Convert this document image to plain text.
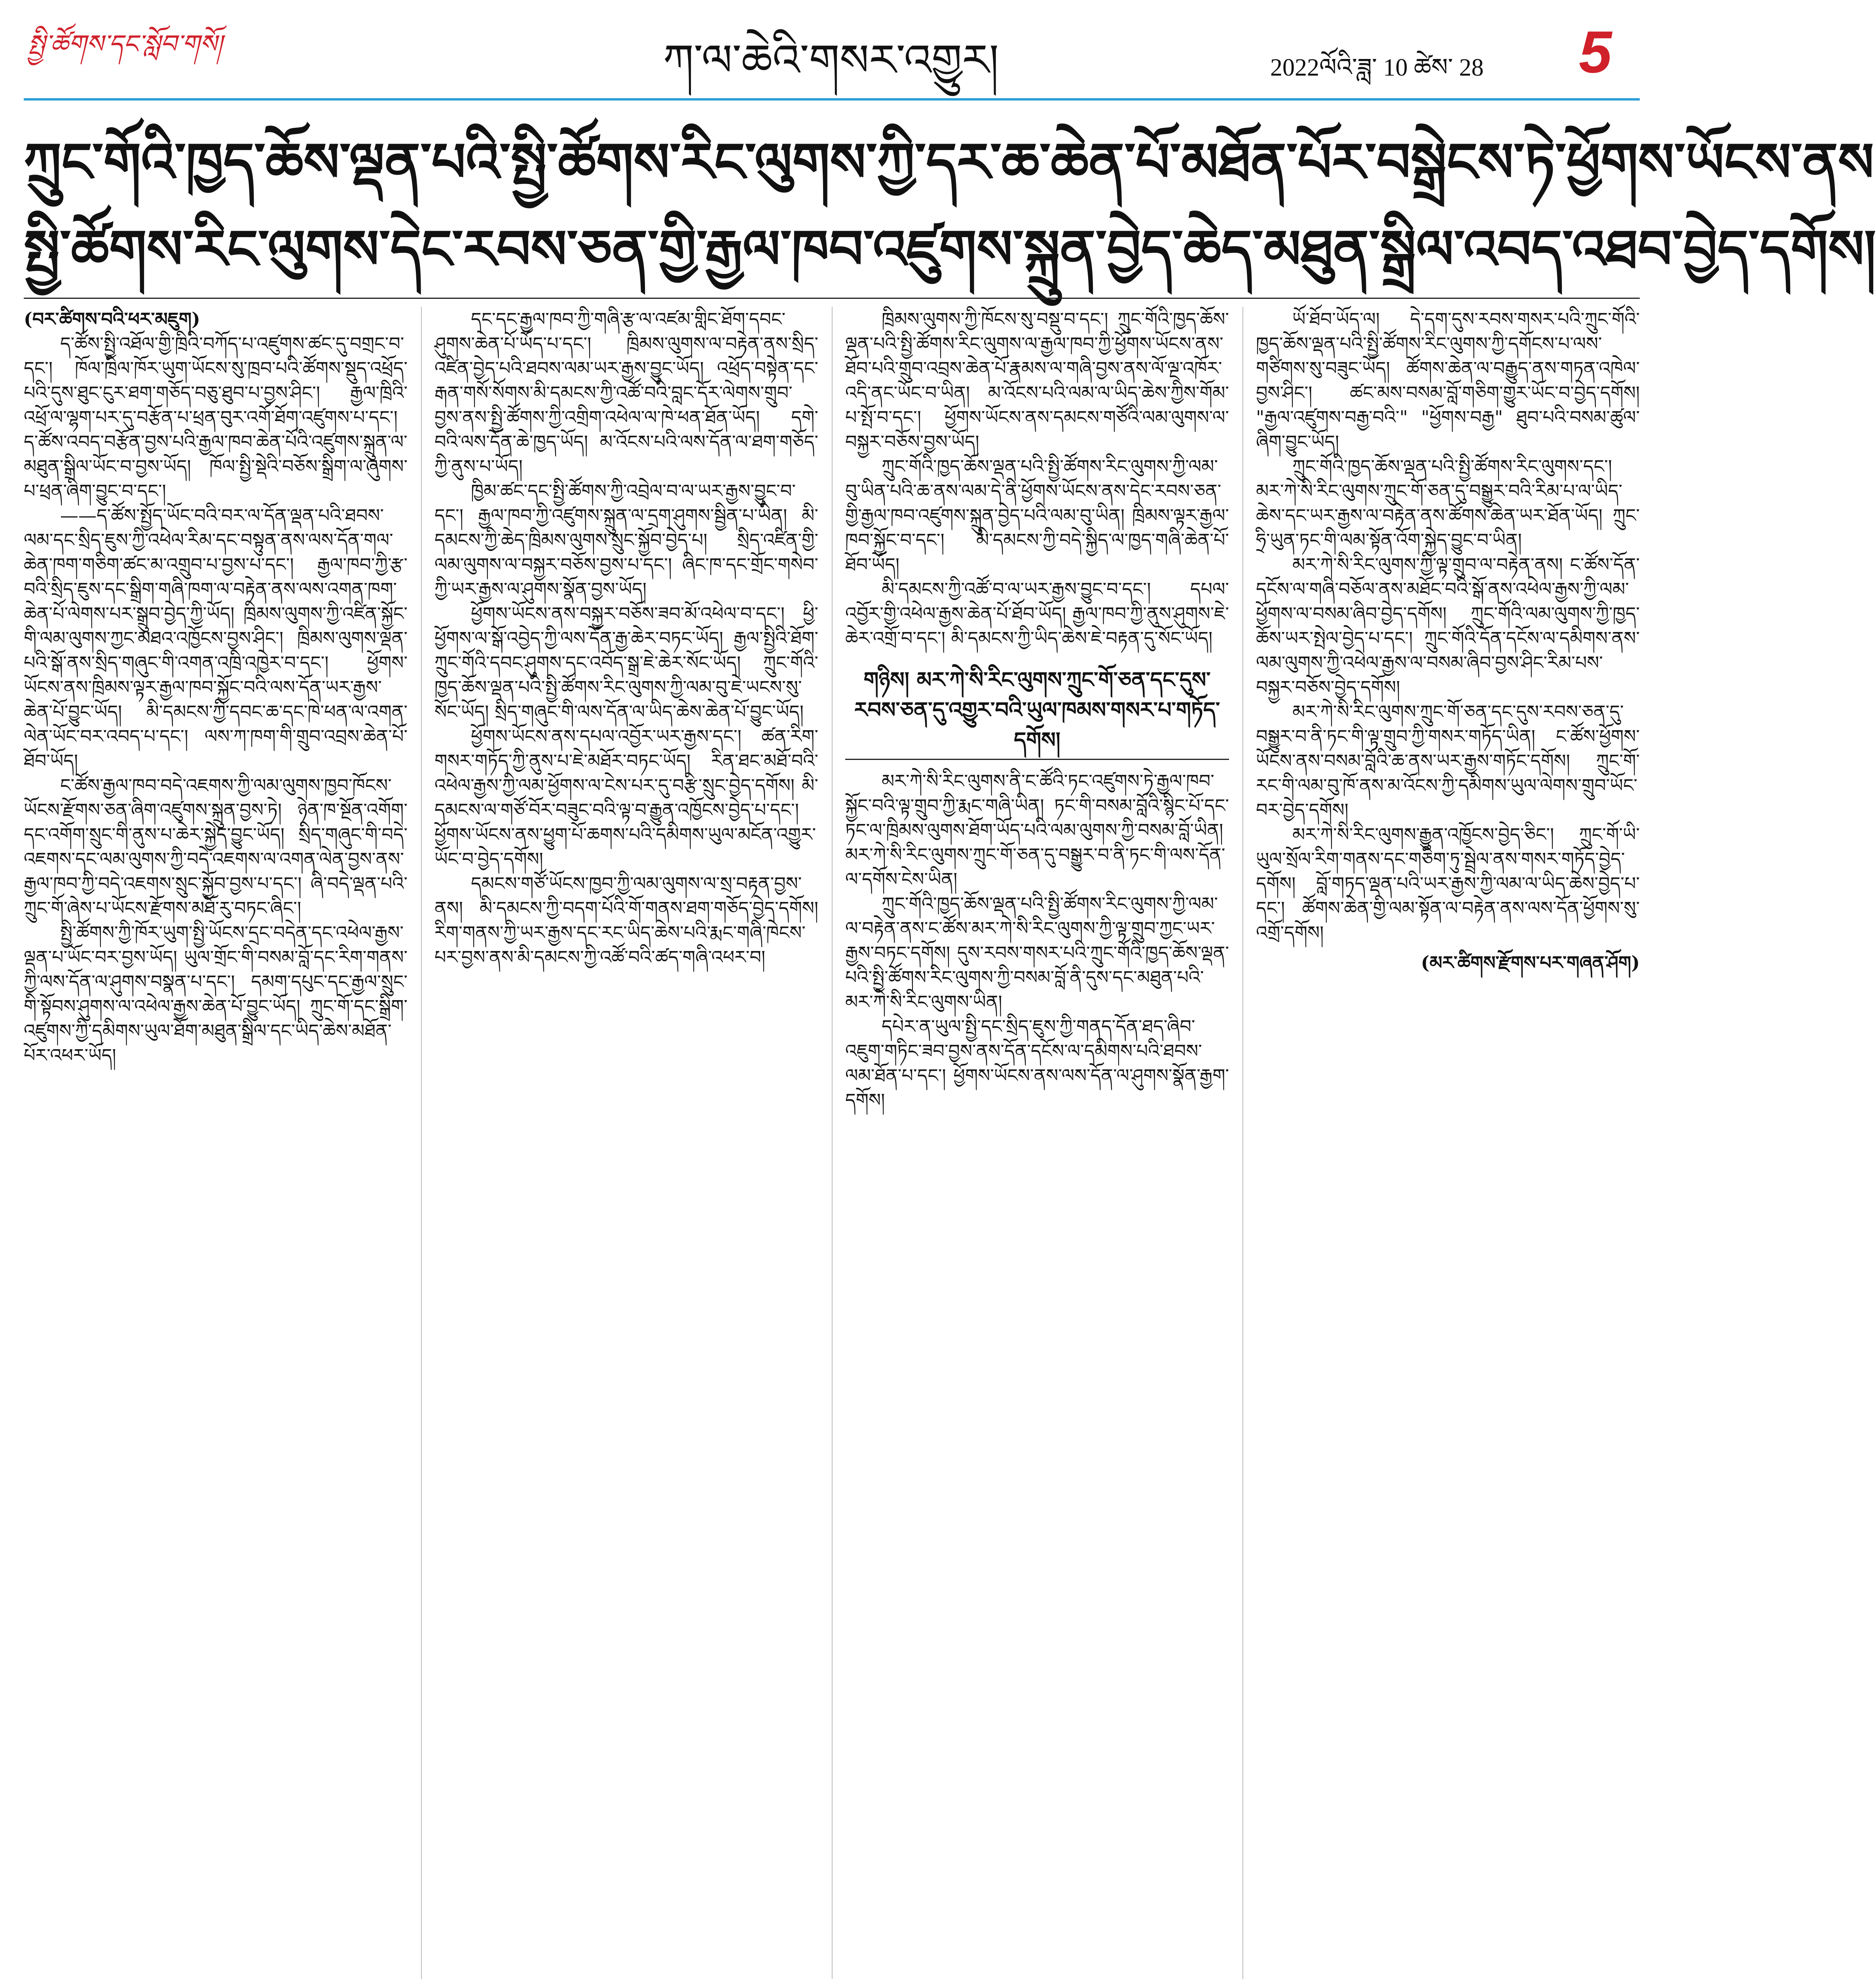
སྤྱི་ཚོགས་དང་སློབ་གསོ།	ཀ་ལ་ཆེའི་གསར་འགྱུར།	2022ལོའི་ཟླ་ 10 ཚེས་ 28 5
ཀྲུང་གོའི་ཁྱད་ཆོས་ལྡན་པའི་སྤྱི་ཚོགས་རིང་ལུགས་ཀྱི་དར་ཆ་ཆེན་པོ་མཐོན་པོར་བསྒྲེངས་ཏེ་ཕྱོགས་ཡོངས་ནས
སྤྱི་ཚོགས་རིང་ལུགས་དེང་རབས་ཅན་གྱི་རྒྱལ་ཁབ་འཛུགས་སྐྲུན་བྱེད་ཆེད་མཐུན་སྒྲིལ་འབད་འཐབ་བྱེད་དགོས།

(བར་ཚིགས་བའི་ཕར་མཇུག)

ད་ཚོས་སྤྱི་འཐོལ་གྱི་ཁྲིའི་བཀོད་པ་འཛུགས་ཚང་དུ་བགྲང་བ་དང་། ཁོལ་ཁྲིལ་ཁོར་ཡུག་ཡོངས་སུ་ཁྲབ་པའི་ཚོགས་སྡུད་འཕྲོད་པའི་དུས་ཐུང་ངུར་ཐག་གཅོད་བཅུ་ཐུབ་པ་བྱས་ཤིང་། རྒྱལ་ཁྲིའི་འཕྲོ་ལ་ལྷག་པར་དུ་བརྩོན་པ་ཕྲན་བུར་འགོ་ཐོག་འཛུགས་པ་དང་། ད་ཚོས་འབད་བརྩོན་བྱས་པའི་རྒྱལ་ཁབ་ཆེན་པོའི་འཛུགས་སྐྲུན་ལ་མཐུན་སྒྲིལ་ཡོང་བ་བྱས་ཡོད། ཁོལ་སྤྱི་སྡེའི་བཅོས་སྒྲིག་ལ་ཞུགས་པ་ཕྲན་ཞིག་བྱུང་བ་དང་།

——ད་ཚོས་སྤྱོད་ཡོང་བའི་བར་ལ་དོན་ལྡན་པའི་ཐབས་ལམ་དང་སྲིད་ཇུས་ཀྱི་འཕེལ་རིམ་དང་བསྟུན་ནས་ལས་དོན་གལ་ཆེན་ཁག་གཅིག་ཚང་མ་འགྲུབ་པ་བྱས་པ་དང་། རྒྱལ་ཁབ་ཀྱི་རྩ་བའི་སྲིད་ཇུས་དང་སྒྲིག་གཞི་ཁག་ལ་བརྟེན་ནས་ལས་འགན་ཁག་ཆེན་པོ་ལེགས་པར་སྒྲུབ་བྱེད་ཀྱི་ཡོད། ཁྲིམས་ལུགས་ཀྱི་འཛིན་སྐྱོང་གི་ལམ་ལུགས་ཀྱང་མཐའ་འཁྱོངས་བྱས་ཤིང་། ཁྲིམས་ལུགས་ལྡན་པའི་སྒོ་ནས་སྲིད་གཞུང་གི་འགན་འཁྲི་འཁྱེར་བ་དང་། ཕྱོགས་ཡོངས་ནས་ཁྲིམས་ལྟར་རྒྱལ་ཁབ་སྐྱོང་བའི་ལས་དོན་ཡར་རྒྱས་ཆེན་པོ་བྱུང་ཡོད། མི་དམངས་ཀྱི་དབང་ཆ་དང་ཁེ་ཕན་ལ་འགན་ལེན་ཡོང་བར་འབད་པ་དང་། ལས་ཀ་ཁག་གི་གྲུབ་འབྲས་ཆེན་པོ་ཐོབ་ཡོད།

ང་ཚོས་རྒྱལ་ཁབ་བདེ་འཇགས་ཀྱི་ལམ་ལུགས་ཁྱབ་ཁོངས་ཡོངས་རྫོགས་ཅན་ཞིག་འཛུགས་སྐྲུན་བྱས་ཏེ། ཉེན་ཁ་སྔོན་འགོག་དང་འགོག་སྲུང་གི་ནུས་པ་ཆེར་སྐྱེད་བྱུང་ཡོད། སྲིད་གཞུང་གི་བདེ་འཇགས་དང་ལམ་ལུགས་ཀྱི་བདེ་འཇགས་ལ་འགན་ལེན་བྱས་ནས་རྒྱལ་ཁབ་ཀྱི་བདེ་འཇགས་སྲུང་སྐྱོབ་བྱས་པ་དང་། ཞི་བདེ་ལྡན་པའི་ཀྲུང་གོ་ཞེས་པ་ཡོངས་རྫོགས་མཐོ་རུ་བཏང་ཞིང་།

སྤྱི་ཚོགས་ཀྱི་ཁོར་ཡུག་སྤྱི་ཡོངས་དྲང་བདེན་དང་འཕེལ་རྒྱས་ལྡན་པ་ཡོང་བར་བྱས་ཡོད། ཡུལ་གྲོང་གི་བསམ་བློ་དང་རིག་གནས་ཀྱི་ལས་དོན་ལ་ཤུགས་བསྣན་པ་དང་། དམག་དཔུང་དང་རྒྱལ་སྲུང་གི་སྟོབས་ཤུགས་ལ་འཕེལ་རྒྱས་ཆེན་པོ་བྱུང་ཡོད། ཀྲུང་གོ་དང་སྒྲིག་འཛུགས་ཀྱི་དམིགས་ཡུལ་ཐོག་མཐུན་སྒྲིལ་དང་ཡིད་ཆེས་མཐོན་པོར་འཕར་ཡོད།

དང་དང་རྒྱལ་ཁབ་ཀྱི་གཞི་རྩ་ལ་འཛམ་གླིང་ཐོག་དབང་ཤུགས་ཆེན་པོ་ཡོད་པ་དང་། ཁྲིམས་ལུགས་ལ་བརྟེན་ནས་སྲིད་འཛིན་བྱེད་པའི་ཐབས་ལམ་ཡར་རྒྱས་བྱུང་ཡོད། འཕྲོད་བསྟེན་དང་རྒན་གསོ་སོགས་མི་དམངས་ཀྱི་འཚོ་བའི་བླང་དོར་ལེགས་གྲུབ་བྱས་ནས་སྤྱི་ཚོགས་ཀྱི་འགྲིག་འཕེལ་ལ་ཁེ་ཕན་ཐོན་ཡོད། དགེ་བའི་ལས་དོན་ཆེ་ཁྱད་ཡོད། མ་འོངས་པའི་ལས་དོན་ལ་ཐག་གཅོད་ཀྱི་ནུས་པ་ཡོད།

ཁྱིམ་ཚང་དང་སྤྱི་ཚོགས་ཀྱི་འབྲེལ་བ་ལ་ཡར་རྒྱས་བྱུང་བ་དང་། རྒྱལ་ཁབ་ཀྱི་འཛུགས་སྐྲུན་ལ་དྲག་ཤུགས་སྦྱིན་པ་ཡིན། མི་དམངས་ཀྱི་ཆེད་ཁྲིམས་ལུགས་སྲུང་སྐྱོབ་བྱེད་པ། སྲིད་འཛིན་གྱི་ལམ་ལུགས་ལ་བསྐྱར་བཅོས་བྱས་པ་དང་། ཞིང་ཁ་དང་གྲོང་གསེབ་ཀྱི་ཡར་རྒྱས་ལ་ཤུགས་སྣོན་བྱས་ཡོད།

ཕྱོགས་ཡོངས་ནས་བསྐྱར་བཅོས་ཟབ་མོ་འཕེལ་བ་དང་། ཕྱི་ཕྱོགས་ལ་སྒོ་འབྱེད་ཀྱི་ལས་དོན་རྒྱ་ཆེར་བཏང་ཡོད། རྒྱལ་སྤྱིའི་ཐོག་ཀྲུང་གོའི་དབང་ཤུགས་དང་འབོད་སྒྲ་ཇེ་ཆེར་སོང་ཡོད། ཀྲུང་གོའི་ཁྱད་ཆོས་ལྡན་པའི་སྤྱི་ཚོགས་རིང་ལུགས་ཀྱི་ལམ་བུ་ཇེ་ཡངས་སུ་སོང་ཡོད། སྲིད་གཞུང་གི་ལས་དོན་ལ་ཡིད་ཆེས་ཆེན་པོ་བྱུང་ཡོད།

ཕྱོགས་ཡོངས་ནས་དཔལ་འབྱོར་ཡར་རྒྱས་དང་། ཚན་རིག་གསར་གཏོད་ཀྱི་ནུས་པ་ཇེ་མཐོར་བཏང་ཡོད། རིན་ཐང་མཐོ་བའི་འཕེལ་རྒྱས་ཀྱི་ལམ་ཕྱོགས་ལ་ངེས་པར་དུ་བརྩི་སྲུང་བྱེད་དགོས། མི་དམངས་ལ་གཙོ་བོར་བཟུང་བའི་ལྟ་བ་རྒྱུན་འཁྱོངས་བྱེད་པ་དང་། ཕྱོགས་ཡོངས་ནས་ཕྱུག་པོ་ཆགས་པའི་དམིགས་ཡུལ་མངོན་འགྱུར་ཡོང་བ་བྱེད་དགོས།

དམངས་གཙོ་ཡོངས་ཁྱབ་ཀྱི་ལམ་ལུགས་ལ་སྲ་བརྟན་བྱས་ནས། མི་དམངས་ཀྱི་བདག་པོའི་གོ་གནས་ཐག་གཅོད་བྱེད་དགོས། རིག་གནས་ཀྱི་ཡར་རྒྱས་དང་རང་ཡིད་ཆེས་པའི་རྨང་གཞི་ཁེངས་པར་བྱས་ནས་མི་དམངས་ཀྱི་འཚོ་བའི་ཚད་གཞི་འཕར་བ།

ཁྲིམས་ལུགས་ཀྱི་ཁོངས་སུ་བསྡུ་བ་དང་། ཀྲུང་གོའི་ཁྱད་ཆོས་ལྡན་པའི་སྤྱི་ཚོགས་རིང་ལུགས་ལ་རྒྱལ་ཁབ་ཀྱི་ཕྱོགས་ཡོངས་ནས་ཐོབ་པའི་གྲུབ་འབྲས་ཆེན་པོ་རྣམས་ལ་གཞི་བྱས་ནས་ལོ་ལྔ་འཁོར་འདི་ནང་ཡོང་བ་ཡིན། མ་འོངས་པའི་ལམ་ལ་ཡིད་ཆེས་ཀྱིས་གོམ་པ་སྤོ་བ་དང་། ཕྱོགས་ཡོངས་ནས་དམངས་གཙོའི་ལམ་ལུགས་ལ་བསྐྱར་བཅོས་བྱས་ཡོད།

ཀྲུང་གོའི་ཁྱད་ཆོས་ལྡན་པའི་སྤྱི་ཚོགས་རིང་ལུགས་ཀྱི་ལམ་བུ་ཡིན་པའི་ཆ་ནས་ལམ་དེ་ནི་ཕྱོགས་ཡོངས་ནས་དེང་རབས་ཅན་གྱི་རྒྱལ་ཁབ་འཛུགས་སྐྲུན་བྱེད་པའི་ལམ་བུ་ཡིན། ཁྲིམས་ལྟར་རྒྱལ་ཁབ་སྐྱོང་བ་དང་། མི་དམངས་ཀྱི་བདེ་སྐྱིད་ལ་ཁྱད་གཞི་ཆེན་པོ་ཐོབ་ཡོད།

མི་དམངས་ཀྱི་འཚོ་བ་ལ་ཡར་རྒྱས་བྱུང་བ་དང་། དཔལ་འབྱོར་གྱི་འཕེལ་རྒྱས་ཆེན་པོ་ཐོབ་ཡོད། རྒྱལ་ཁབ་ཀྱི་ནུས་ཤུགས་ཇེ་ཆེར་འགྲོ་བ་དང་། མི་དམངས་ཀྱི་ཡིད་ཆེས་ཇེ་བརྟན་དུ་སོང་ཡོད།

གཉིས། མར་ཀེ་སི་རིང་ལུགས་ཀྲུང་གོ་ཅན་དང་དུས་རབས་ཅན་དུ་འགྱུར་བའི་ཡུལ་ཁམས་གསར་པ་གཏོད་དགོས།

མར་ཀེ་སི་རིང་ལུགས་ནི་ང་ཚོའི་ཏང་འཛུགས་ཏེ་རྒྱལ་ཁབ་སྐྱོང་བའི་ལྟ་གྲུབ་ཀྱི་རྨང་གཞི་ཡིན། ཏང་གི་བསམ་བློའི་སྙིང་པོ་དང་ཏང་ལ་ཁྲིམས་ལུགས་ཐོག་ཡོད་པའི་ལམ་ལུགས་ཀྱི་བསམ་བློ་ཡིན། མར་ཀེ་སི་རིང་ལུགས་ཀྲུང་གོ་ཅན་དུ་བསྒྱུར་བ་ནི་ཏང་གི་ལས་དོན་ལ་དགོས་ངེས་ཡིན།

ཀྲུང་གོའི་ཁྱད་ཆོས་ལྡན་པའི་སྤྱི་ཚོགས་རིང་ལུགས་ཀྱི་ལམ་ལ་བརྟེན་ནས་ང་ཚོས་མར་ཀེ་སི་རིང་ལུགས་ཀྱི་ལྟ་གྲུབ་ཀྱང་ཡར་རྒྱས་བཏང་དགོས། དུས་རབས་གསར་པའི་ཀྲུང་གོའི་ཁྱད་ཆོས་ལྡན་པའི་སྤྱི་ཚོགས་རིང་ལུགས་ཀྱི་བསམ་བློ་ནི་དུས་དང་མཐུན་པའི་མར་ཀེ་སི་རིང་ལུགས་ཡིན།

དཔེར་ན་ཡུལ་སྤྱི་དང་སྲིད་ཇུས་ཀྱི་གནད་དོན་ཐད་ཞིབ་འཇུག་གཏིང་ཟབ་བྱས་ནས་དོན་དངོས་ལ་དམིགས་པའི་ཐབས་ལམ་ཐོན་པ་དང་། ཕྱོགས་ཡོངས་ནས་ལས་དོན་ལ་ཤུགས་སྣོན་རྒྱག་དགོས།

ཡོ་ཐོབ་ཡོད་ལ། དེ་དག་དུས་རབས་གསར་པའི་ཀྲུང་གོའི་ཁྱད་ཆོས་ལྡན་པའི་སྤྱི་ཚོགས་རིང་ལུགས་ཀྱི་དགོངས་པ་ལས་གཙིགས་སུ་བཟུང་ཡོད། ཚོགས་ཆེན་ལ་བརྒྱུད་ནས་གཏན་འཁེལ་བྱས་ཤིང་། ཚང་མས་བསམ་བློ་གཅིག་གྱུར་ཡོང་བ་བྱེད་དགོས། "རྒྱལ་འཛུགས་བརྒྱ་བའི་" "ཕྱོགས་བརྒྱ" ཐུབ་པའི་བསམ་ཚུལ་ཞིག་བྱུང་ཡོད།

ཀྲུང་གོའི་ཁྱད་ཆོས་ལྡན་པའི་སྤྱི་ཚོགས་རིང་ལུགས་དང་། མར་ཀེ་སི་རིང་ལུགས་ཀྲུང་གོ་ཅན་དུ་བསྒྱུར་བའི་རིམ་པ་ལ་ཡིད་ཆེས་དང་ཡར་རྒྱས་ལ་བརྟེན་ནས་ཚོགས་ཆེན་ཡར་ཐོན་ཡོད། ཀྲུང་ཧྲི་ཡུན་ཏང་གི་ལམ་སྟོན་འོག་སྐྱེད་བྱུང་བ་ཡིན།

མར་ཀེ་སི་རིང་ལུགས་ཀྱི་ལྟ་གྲུབ་ལ་བརྟེན་ནས། ང་ཚོས་དོན་དངོས་ལ་གཞི་བཅོལ་ནས་མཐོང་བའི་སྒོ་ནས་འཕེལ་རྒྱས་ཀྱི་ལམ་ཕྱོགས་ལ་བསམ་ཞིབ་བྱེད་དགོས། ཀྲུང་གོའི་ལམ་ལུགས་ཀྱི་ཁྱད་ཆོས་ཡར་སྤེལ་བྱེད་པ་དང་། ཀྲུང་གོའི་དོན་དངོས་ལ་དམིགས་ནས་ལམ་ལུགས་ཀྱི་འཕེལ་རྒྱས་ལ་བསམ་ཞིབ་བྱས་ཤིང་རིམ་པས་བསྐྱར་བཅོས་བྱེད་དགོས།

མར་ཀེ་སི་རིང་ལུགས་ཀྲུང་གོ་ཅན་དང་དུས་རབས་ཅན་དུ་བསྒྱུར་བ་ནི་ཏང་གི་ལྟ་གྲུབ་ཀྱི་གསར་གཏོད་ཡིན། ང་ཚོས་ཕྱོགས་ཡོངས་ནས་བསམ་བློའི་ཆ་ནས་ཡར་རྒྱས་གཏོང་དགོས། ཀྲུང་གོ་རང་གི་ལམ་བུ་ཁོ་ནས་མ་འོངས་ཀྱི་དམིགས་ཡུལ་ལེགས་གྲུབ་ཡོང་བར་བྱེད་དགོས།

མར་ཀེ་སི་རིང་ལུགས་རྒྱུན་འཁྱོངས་བྱེད་ཅིང་། ཀྲུང་གོ་ཡི་ཡུལ་སྲོལ་རིག་གནས་དང་གཅིག་ཏུ་སྦྲེལ་ནས་གསར་གཏོད་བྱེད་དགོས། བློ་གཏད་ལྡན་པའི་ཡར་རྒྱས་ཀྱི་ལམ་ལ་ཡིད་ཆེས་བྱེད་པ་དང་། ཚོགས་ཆེན་གྱི་ལམ་སྟོན་ལ་བརྟེན་ནས་ལས་དོན་ཕྱོགས་སུ་འགྲོ་དགོས།

(མར་ཚིགས་རྫོགས་པར་གཞན་ཤོག)
